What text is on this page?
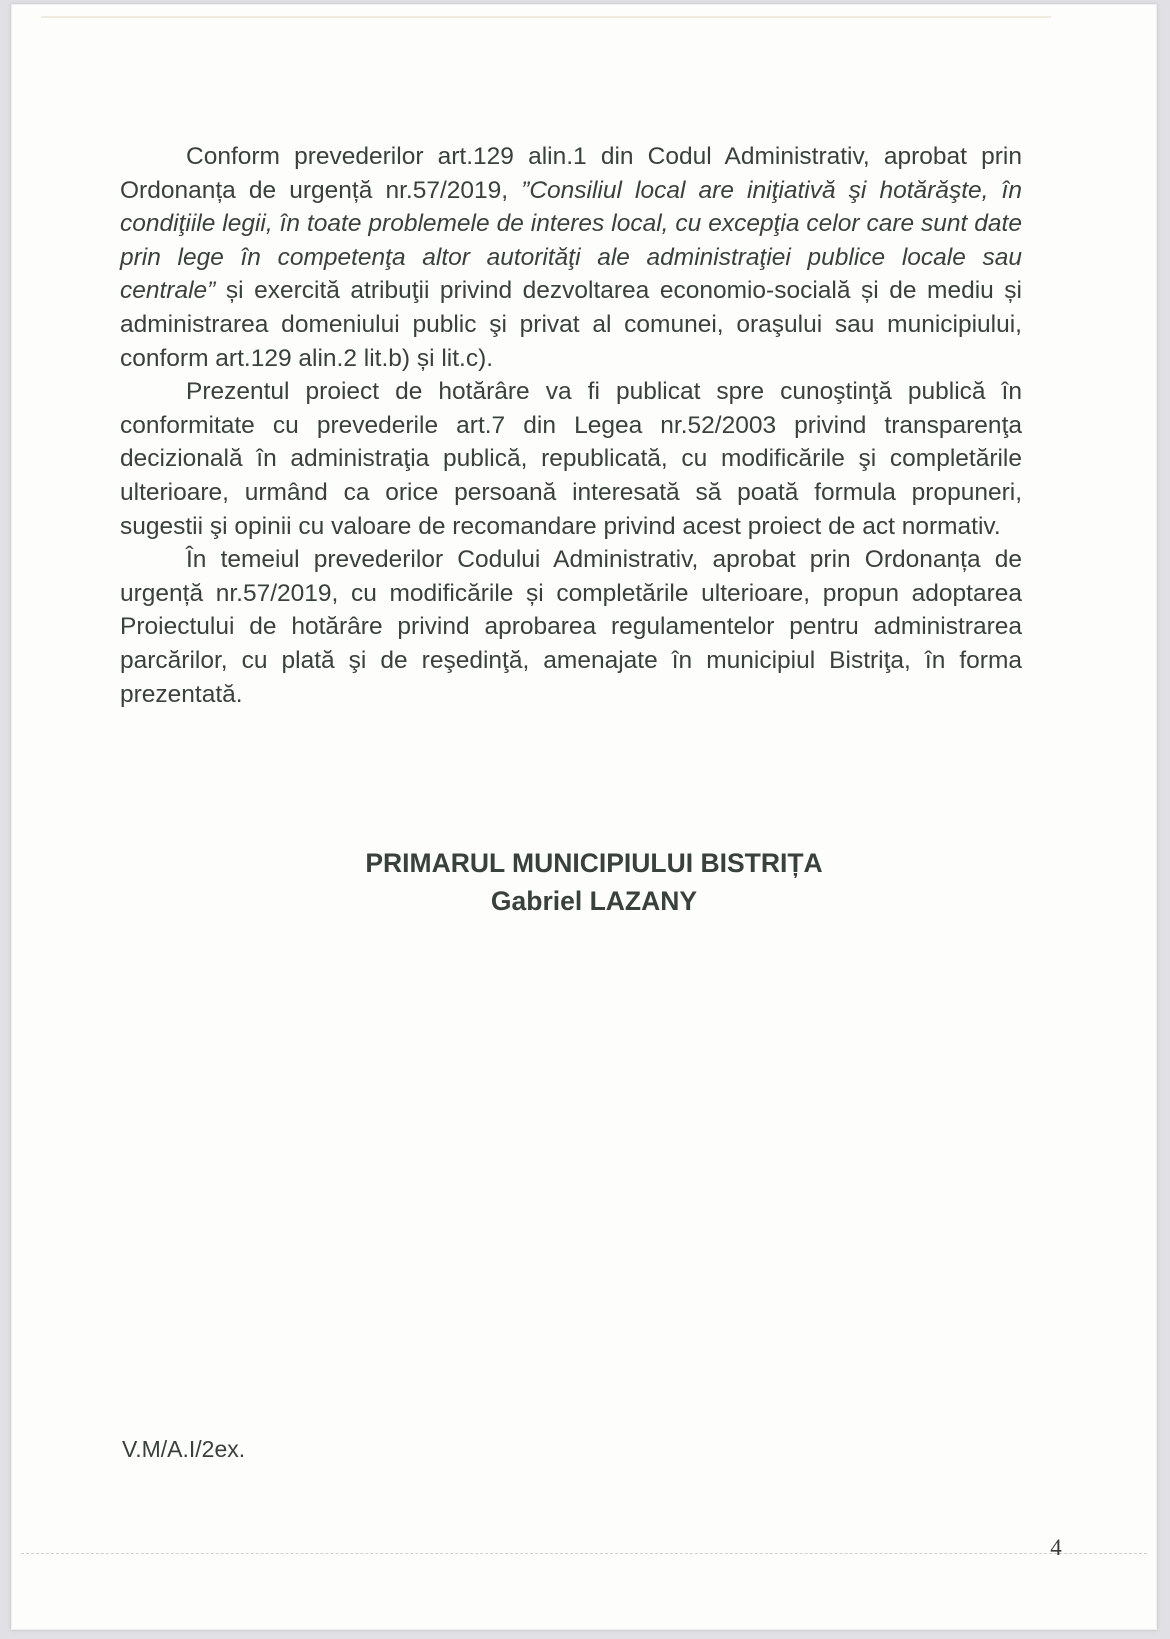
Conform prevederilor art.129 alin.1 din Codul Administrativ, aprobat prin Ordonanța de urgență nr.57/2019, ”Consiliul local are iniţiativă şi hotărăşte, în condiţiile legii, în toate problemele de interes local, cu excepţia celor care sunt date prin lege în competenţa altor autorităţi ale administraţiei publice locale sau centrale” și exercită atribuţii privind dezvoltarea economio-socială și de mediu și administrarea domeniului public şi privat al comunei, oraşului sau municipiului, conform art.129 alin.2 lit.b) și lit.c).

Prezentul proiect de hotărâre va fi publicat spre cunoştinţă publică în conformitate cu prevederile art.7 din Legea nr.52/2003 privind transparenţa decizională în administraţia publică, republicată, cu modificările şi completările ulterioare, urmând ca orice persoană interesată să poată formula propuneri, sugestii şi opinii cu valoare de recomandare privind acest proiect de act normativ.

În temeiul prevederilor Codului Administrativ, aprobat prin Ordonanța de urgență nr.57/2019, cu modificările și completările ulterioare, propun adoptarea Proiectului de hotărâre privind aprobarea regulamentelor pentru administrarea parcărilor, cu plată şi de reşedinţă, amenajate în municipiul Bistriţa, în forma prezentată.

PRIMARUL MUNICIPIULUI BISTRIȚA
Gabriel LAZANY
V.M/A.I/2ex.
4
